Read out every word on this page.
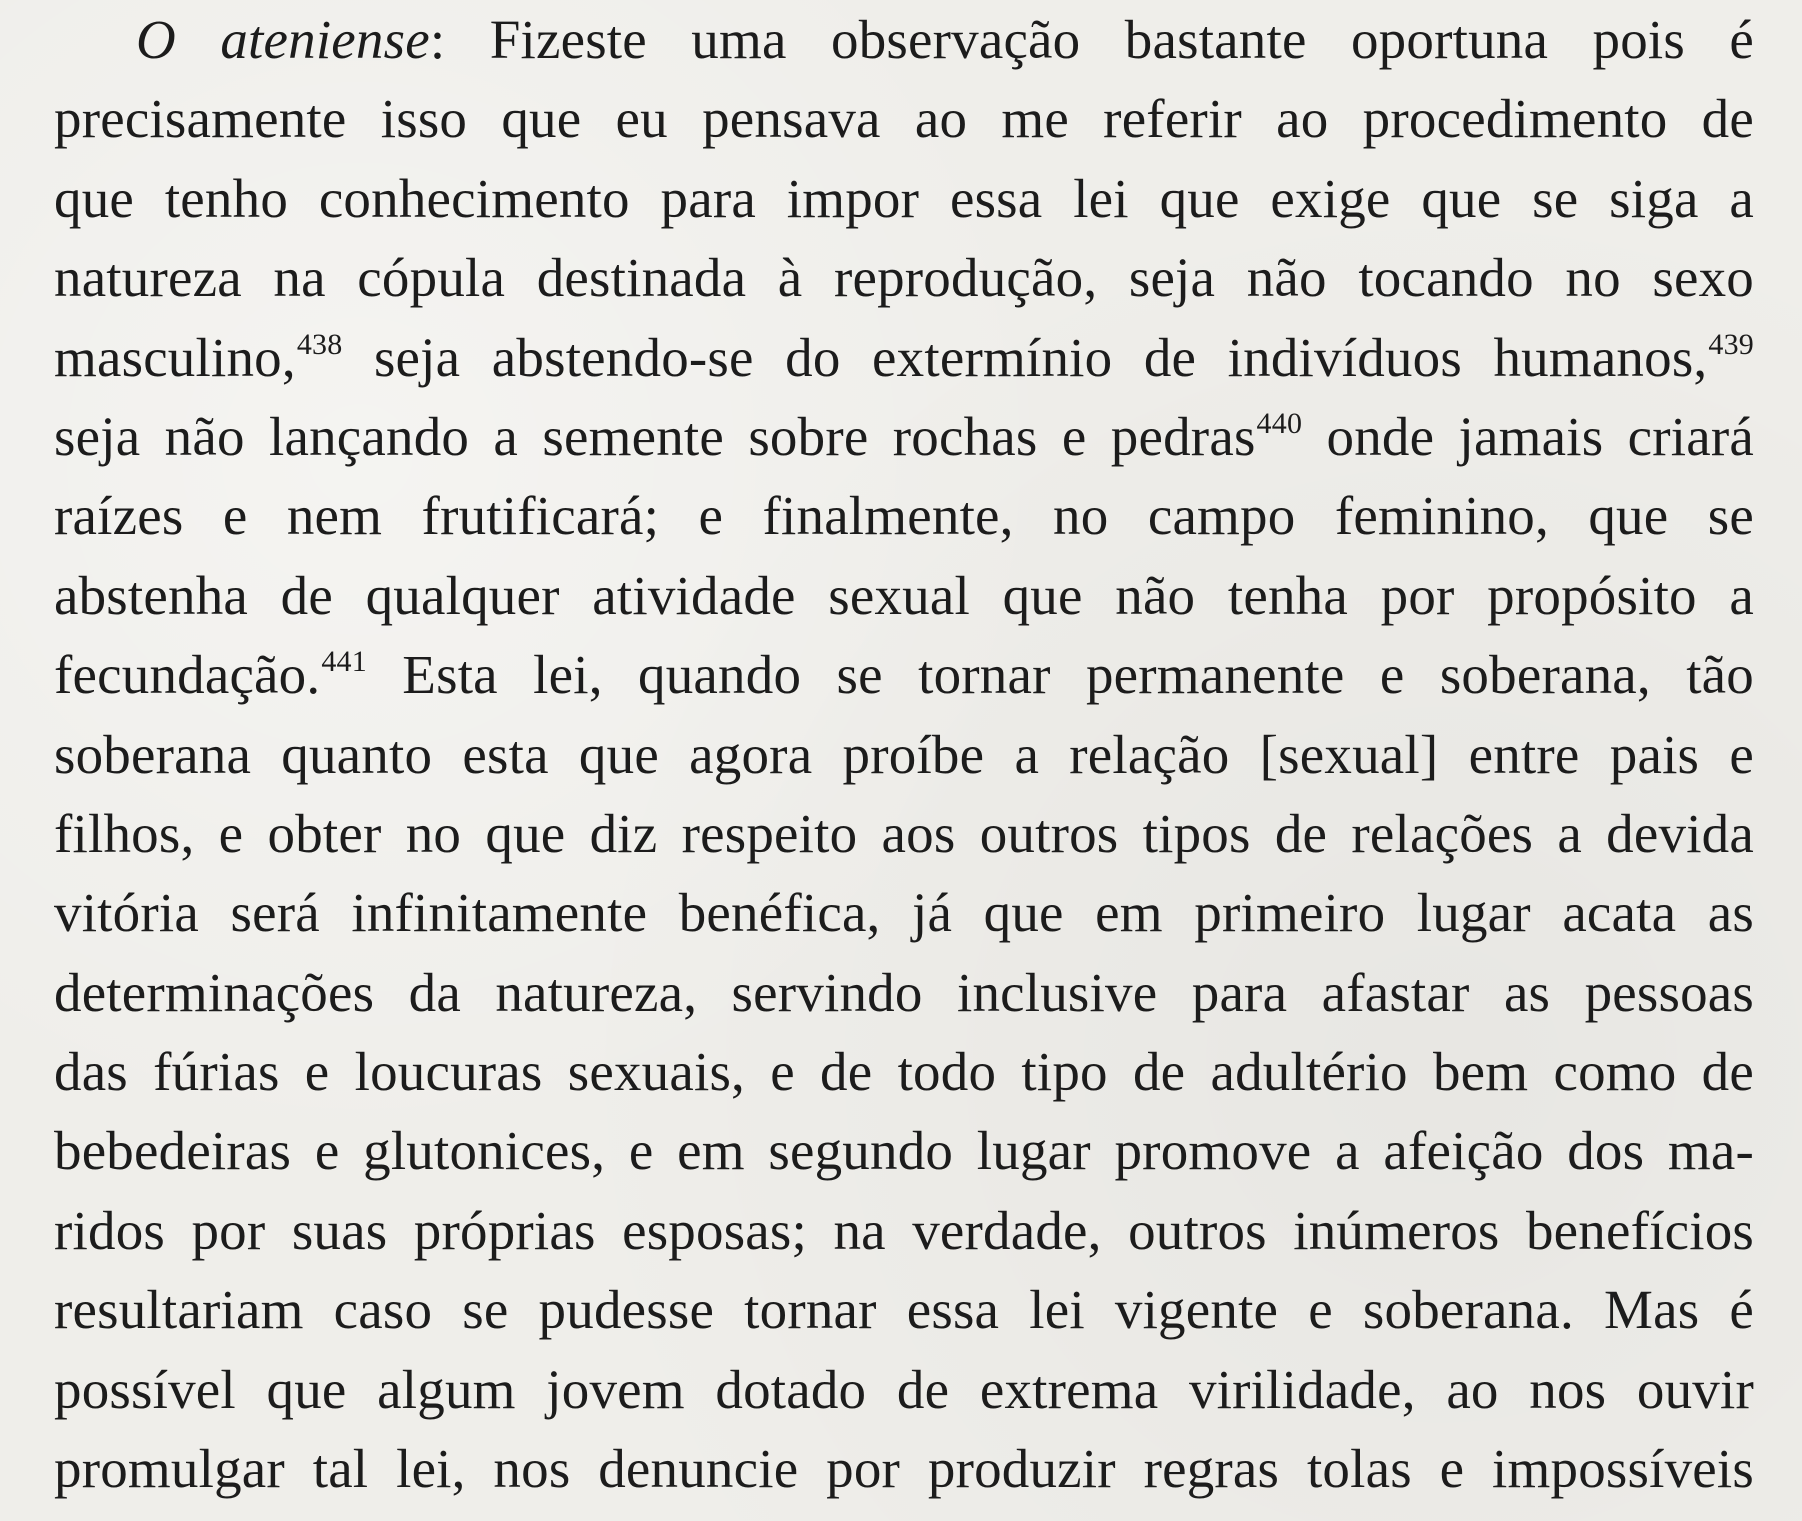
O ateniense: Fizeste uma observação bastante oportuna pois é
precisamente isso que eu pensava ao me referir ao procedimento de
que tenho conhecimento para impor essa lei que exige que se siga a
natureza na cópula destinada à reprodução, seja não tocando no sexo
masculino,$^{438}$ seja abstendo-se do extermínio de indivíduos humanos,$^{439}$
seja não lançando a semente sobre rochas e pedras$^{440}$ onde jamais criará
raízes e nem frutificará; e finalmente, no campo feminino, que se
abstenha de qualquer atividade sexual que não tenha por propósito a
fecundação.$^{441}$ Esta lei, quando se tornar permanente e soberana, tão
soberana quanto esta que agora proíbe a relação [sexual] entre pais e
filhos, e obter no que diz respeito aos outros tipos de relações a devida
vitória será infinitamente benéfica, já que em primeiro lugar acata as
determinações da natureza, servindo inclusive para afastar as pessoas
das fúrias e loucuras sexuais, e de todo tipo de adultério bem como de
bebedeiras e glutonices, e em segundo lugar promove a afeição dos ma-
ridos por suas próprias esposas; na verdade, outros inúmeros benefícios
resultariam caso se pudesse tornar essa lei vigente e soberana. Mas é
possível que algum jovem dotado de extrema virilidade, ao nos ouvir
promulgar tal lei, nos denuncie por produzir regras tolas e impossíveis
